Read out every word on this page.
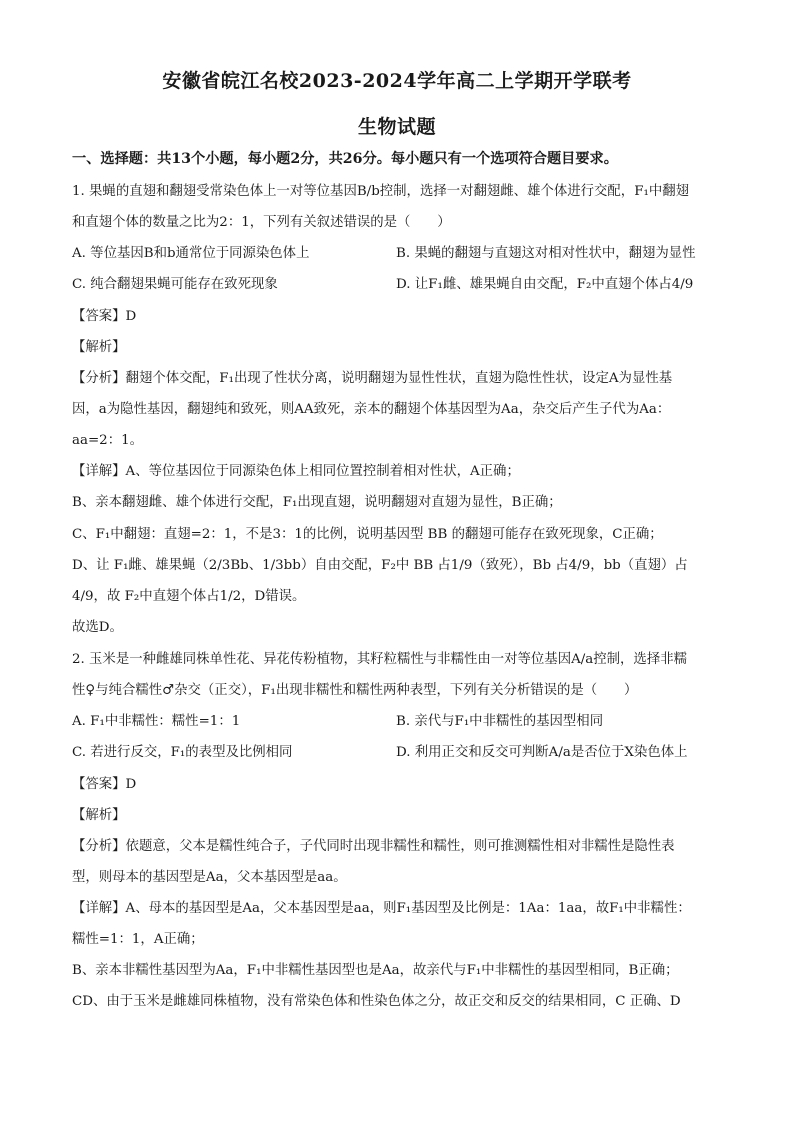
安徽省皖江名校2023-2024学年高二上学期开学联考
生物试题
一、选择题：共13个小题，每小题2分，共26分。每小题只有一个选项符合题目要求。
1. 果蝇的直翅和翻翅受常染色体上一对等位基因B/b控制，选择一对翻翅雌、雄个体进行交配，F₁中翻翅
和直翅个体的数量之比为2：1，下列有关叙述错误的是（　　）
A. 等位基因B和b通常位于同源染色体上	B. 果蝇的翻翅与直翅这对相对性状中，翻翅为显性
C. 纯合翻翅果蝇可能存在致死现象	D. 让F₁雌、雄果蝇自由交配，F₂中直翅个体占4/9
【答案】D
【解析】
【分析】翻翅个体交配，F₁出现了性状分离，说明翻翅为显性性状，直翅为隐性性状，设定A为显性基
因，a为隐性基因，翻翅纯和致死，则AA致死，亲本的翻翅个体基因型为Aa，杂交后产生子代为Aa：
aa=2：1。
【详解】A、等位基因位于同源染色体上相同位置控制着相对性状，A正确；
B、亲本翻翅雌、雄个体进行交配，F₁出现直翅，说明翻翅对直翅为显性，B正确；
C、F₁中翻翅：直翅=2：1，不是3：1的比例，说明基因型 BB 的翻翅可能存在致死现象，C正确；
D、让 F₁雌、雄果蝇（2/3Bb、1/3bb）自由交配，F₂中 BB 占1/9（致死），Bb 占4/9，bb（直翅）占
4/9，故 F₂中直翅个体占1/2，D错误。
故选D。
2. 玉米是一种雌雄同株单性花、异花传粉植物，其籽粒糯性与非糯性由一对等位基因A/a控制，选择非糯
性♀与纯合糯性♂杂交（正交），F₁出现非糯性和糯性两种表型，下列有关分析错误的是（　　）
A. F₁中非糯性：糯性=1：1	B. 亲代与F₁中非糯性的基因型相同
C. 若进行反交，F₁的表型及比例相同	D. 利用正交和反交可判断A/a是否位于X染色体上
【答案】D
【解析】
【分析】依题意，父本是糯性纯合子，子代同时出现非糯性和糯性，则可推测糯性相对非糯性是隐性表
型，则母本的基因型是Aa，父本基因型是aa。
【详解】A、母本的基因型是Aa，父本基因型是aa，则F₁基因型及比例是：1Aa：1aa，故F₁中非糯性：
糯性=1：1，A正确；
B、亲本非糯性基因型为Aa，F₁中非糯性基因型也是Aa，故亲代与F₁中非糯性的基因型相同，B正确；
CD、由于玉米是雌雄同株植物，没有常染色体和性染色体之分，故正交和反交的结果相同，C 正确、D
